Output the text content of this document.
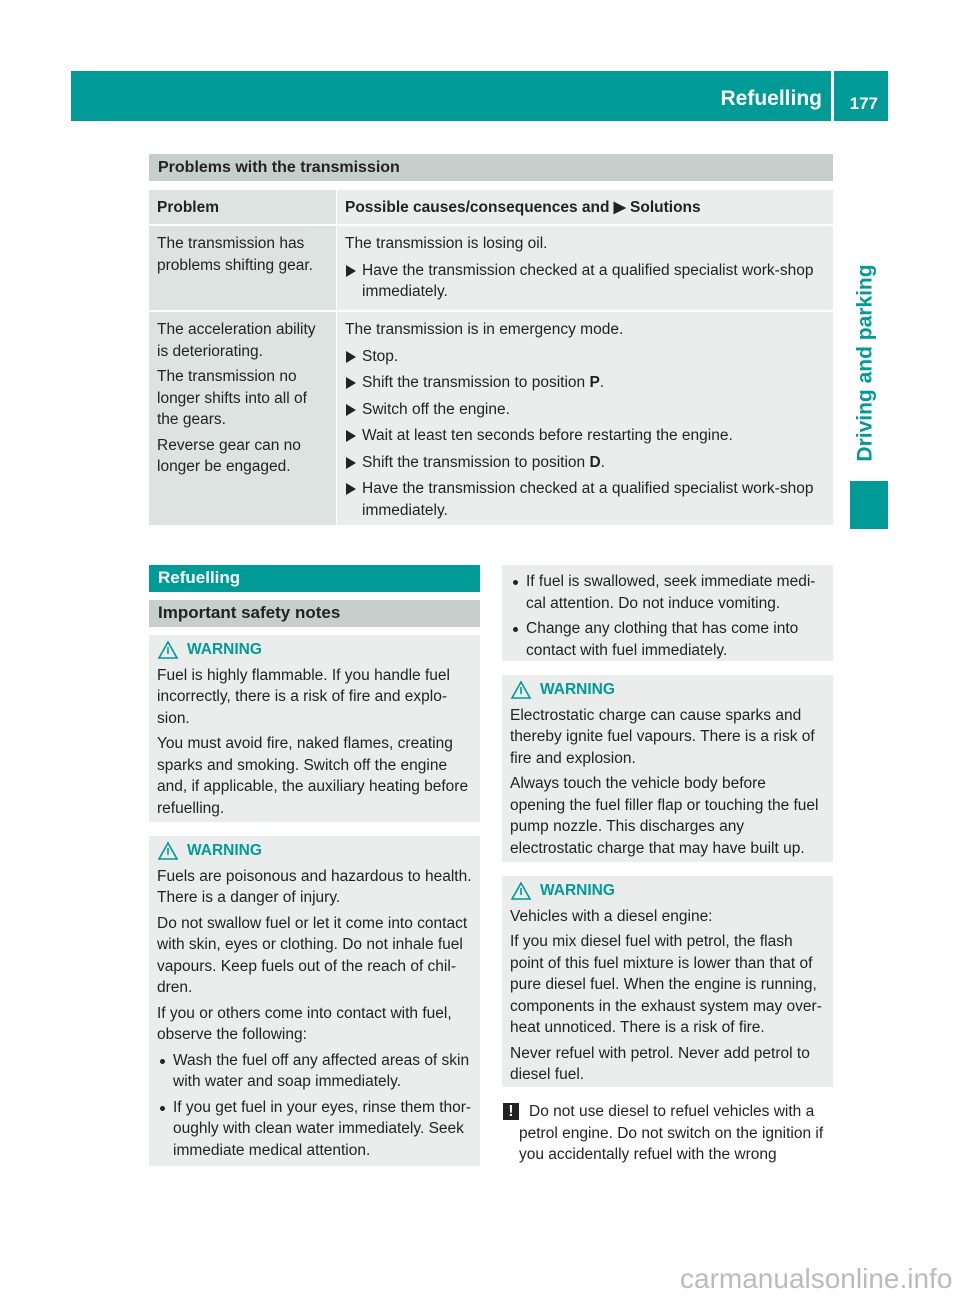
Refuelling 177
Driving and parking
Problems with the transmission
Problem	Possible causes/consequences and ▶ Solutions

The transmission has problems shifting gear.

The transmission is losing oil.

Have the transmission checked at a qualified specialist work-shop immediately.

The acceleration ability is deteriorating.

The transmission no longer shifts into all of the gears.

Reverse gear can no longer be engaged.

The transmission is in emergency mode.

Stop.
Shift the transmission to position P.
Switch off the engine.
Wait at least ten seconds before restarting the engine.
Shift the transmission to position D.
Have the transmission checked at a qualified specialist work-shop immediately.
Refuelling
Important safety notes
WARNING

Fuel is highly flammable. If you handle fuel incorrectly, there is a risk of fire and explo-sion.

You must avoid fire, naked flames, creating sparks and smoking. Switch off the engine and, if applicable, the auxiliary heating before refuelling.

WARNING

Fuels are poisonous and hazardous to health. There is a danger of injury.

Do not swallow fuel or let it come into contact with skin, eyes or clothing. Do not inhale fuel vapours. Keep fuels out of the reach of chil-dren.

If you or others come into contact with fuel, observe the following:

Wash the fuel off any affected areas of skin with water and soap immediately.
If you get fuel in your eyes, rinse them thor-oughly with clean water immediately. Seek immediate medical attention.
If fuel is swallowed, seek immediate medi-cal attention. Do not induce vomiting.
Change any clothing that has come into contact with fuel immediately.
WARNING

Electrostatic charge can cause sparks and thereby ignite fuel vapours. There is a risk of fire and explosion.

Always touch the vehicle body before opening the fuel filler flap or touching the fuel pump nozzle. This discharges any electrostatic charge that may have built up.

WARNING

Vehicles with a diesel engine:

If you mix diesel fuel with petrol, the flash point of this fuel mixture is lower than that of pure diesel fuel. When the engine is running, components in the exhaust system may over-heat unnoticed. There is a risk of fire.

Never refuel with petrol. Never add petrol to diesel fuel.

! Do not use diesel to refuel vehicles with a petrol engine. Do not switch on the ignition if you accidentally refuel with the wrong
carmanualsonline.info
